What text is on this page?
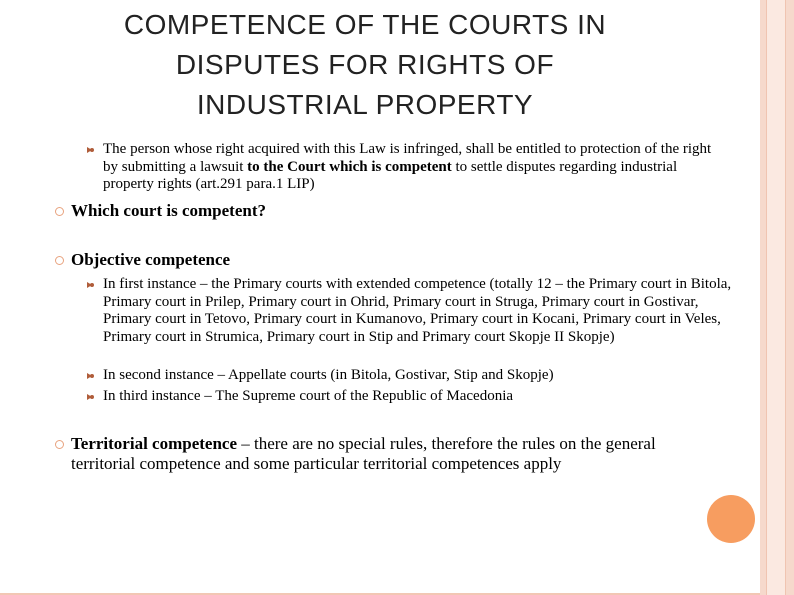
COMPETENCE OF THE COURTS IN
DISPUTES FOR RIGHTS OF
INDUSTRIAL PROPERTY
The person whose right acquired with this Law is infringed, shall be entitled to protection of the right by submitting a lawsuit to the Court which is competent to settle disputes regarding industrial property rights (art.291 para.1 LIP)
Which court is competent?
Objective competence
In first instance – the Primary courts with extended competence (totally 12 – the Primary court in Bitola, Primary court in Prilep, Primary court in Ohrid, Primary court in Struga, Primary court in Gostivar, Primary court in Tetovo, Primary court in Kumanovo, Primary court in Kocani, Primary court in Veles, Primary court in Strumica, Primary court in Stip and Primary court Skopje II Skopje)
In second instance – Appellate courts (in Bitola, Gostivar, Stip and Skopje)
In third instance – The Supreme court of the Republic of Macedonia
Territorial competence – there are no special rules, therefore the rules on the general territorial competence and some particular territorial competences apply
